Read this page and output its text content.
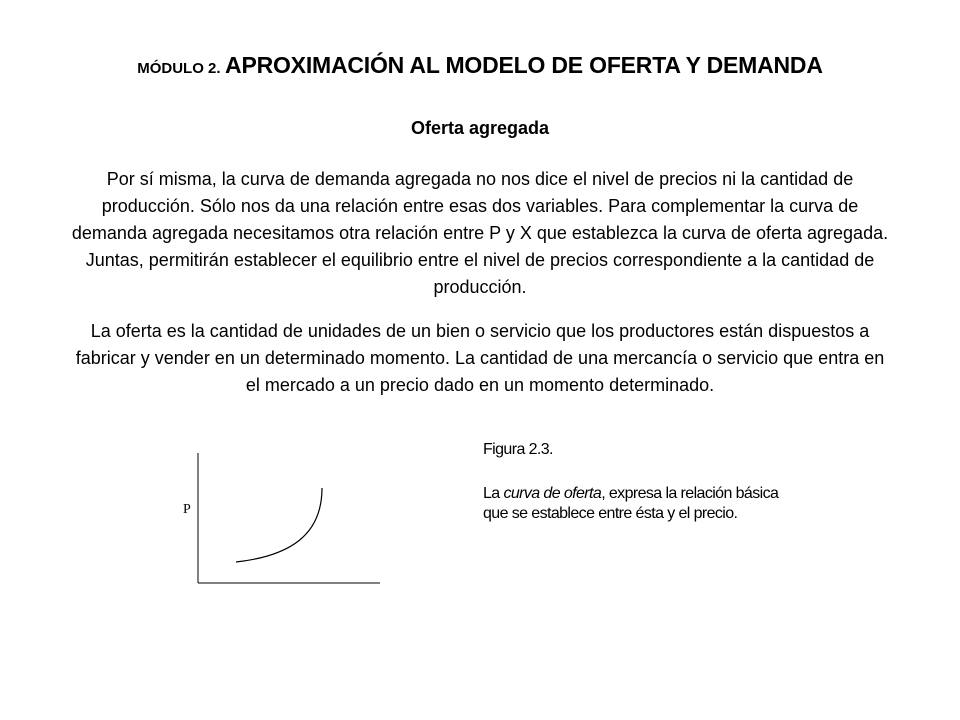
MÓDULO 2. APROXIMACIÓN AL MODELO DE OFERTA Y DEMANDA
Oferta agregada

Por sí misma, la curva de demanda agregada no nos dice el nivel de precios ni la cantidad de producción. Sólo nos da una relación entre esas dos variables. Para complementar la curva de demanda agregada necesitamos otra relación entre P y X que establezca la curva de oferta agregada. Juntas, permitirán establecer el equilibrio entre el nivel de precios correspondiente a la cantidad de producción.

La oferta es la cantidad de unidades de un bien o servicio que los productores están dispuestos a fabricar y vender en un determinado momento. La cantidad de una mercancía o servicio que entra en el mercado a un precio dado en un momento determinado.

P
Figura 2.3.
La curva de oferta, expresa la relación básica que se establece entre ésta y el precio.
